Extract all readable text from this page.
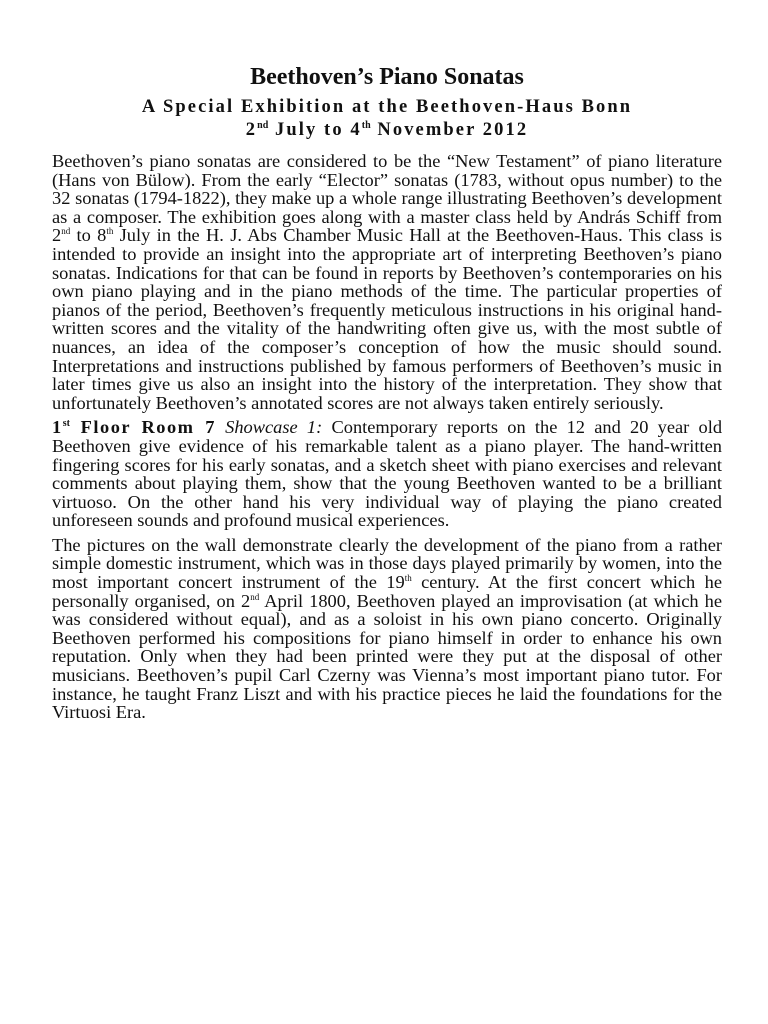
Beethoven’s Piano Sonatas

A Special Exhibition at the Beethoven-Haus Bonn

2nd July to 4th November 2012

Beethoven’s piano sonatas are considered to be the “New Testament” of piano literature (Hans von Bülow). From the early “Elector” sonatas (1783, without opus number) to the 32 sonatas (1794-1822), they make up a whole range illustrating Beethoven’s development as a composer. The exhibition goes along with a master class held by András Schiff from 2nd to 8th July in the H. J. Abs Chamber Music Hall at the Beethoven-Haus. This class is intended to provide an insight into the appropriate art of interpreting Beethoven’s piano sonatas. Indications for that can be found in reports by Beethoven’s contemporaries on his own piano playing and in the piano methods of the time. The particular properties of pianos of the period, Beethoven’s frequently meticulous instructions in his original hand-written scores and the vitality of the handwriting often give us, with the most subtle of nuances, an idea of the composer’s conception of how the music should sound. Interpretations and instructions published by famous performers of Beethoven’s music in later times give us also an insight into the history of the interpretation. They show that unfortunately Beethoven’s annotated scores are not always taken entirely seriously.

1st Floor Room 7 Showcase 1: Contemporary reports on the 12 and 20 year old Beethoven give evidence of his remarkable talent as a piano player. The hand-written fingering scores for his early sonatas, and a sketch sheet with piano exercises and relevant comments about playing them, show that the young Beethoven wanted to be a brilliant virtuoso. On the other hand his very individual way of playing the piano created unforeseen sounds and profound musical experiences.

The pictures on the wall demonstrate clearly the development of the piano from a rather simple domestic instrument, which was in those days played primarily by women, into the most important concert instrument of the 19th century. At the first concert which he personally organised, on 2nd April 1800, Beethoven played an improvisation (at which he was considered without equal), and as a soloist in his own piano concerto. Originally Beethoven performed his compositions for piano himself in order to enhance his own reputation. Only when they had been printed were they put at the disposal of other musicians. Beethoven’s pupil Carl Czerny was Vienna’s most important piano tutor. For instance, he taught Franz Liszt and with his practice pieces he laid the foundations for the Virtuosi Era.
